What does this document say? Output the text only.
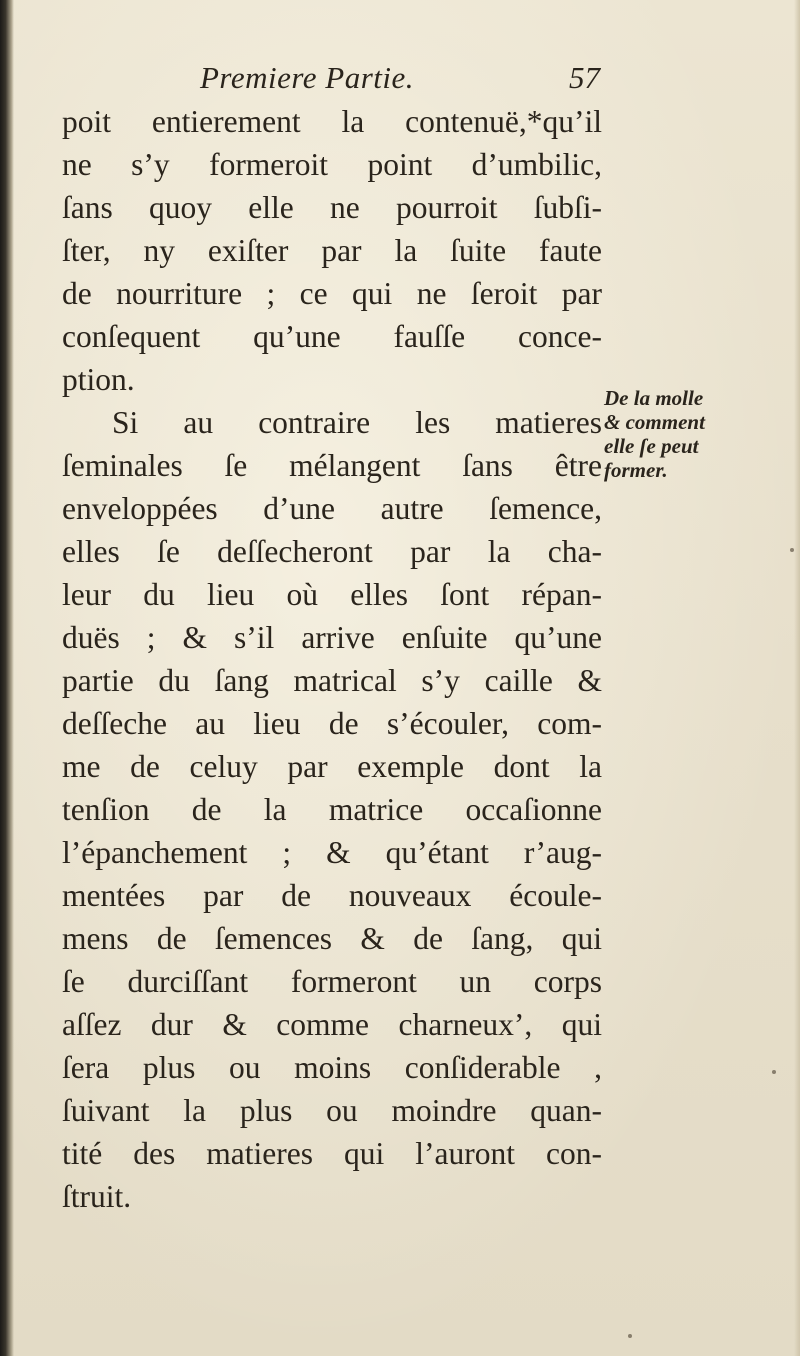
Premiere Partie.	57
poit entierement la contenuë,*qu’il
ne s’y formeroit point d’umbilic,
ſans quoy elle ne pourroit ſubſi-
ſter, ny exiſter par la ſuite faute
de nourriture ; ce qui ne ſeroit par
conſequent qu’une fauſſe conce-
ption.
Si au contraire les matieres
ſeminales ſe mélangent ſans être
enveloppées d’une autre ſemence,
elles ſe deſſecheront par la cha-
leur du lieu où elles ſont répan-
duës ; & s’il arrive enſuite qu’une
partie du ſang matrical s’y caille &
deſſeche au lieu de s’écouler, com-
me de celuy par exemple dont la
tenſion de la matrice occaſionne
l’épanchement ; & qu’étant r’aug-
mentées par de nouveaux écoule-
mens de ſemences & de ſang, qui
ſe durciſſant formeront un corps
aſſez dur & comme charneux’, qui
ſera plus ou moins conſiderable ,
ſuivant la plus ou moindre quan-
tité des matieres qui l’auront con-
ſtruit.
De la molle
& comment
elle ſe peut
former.
